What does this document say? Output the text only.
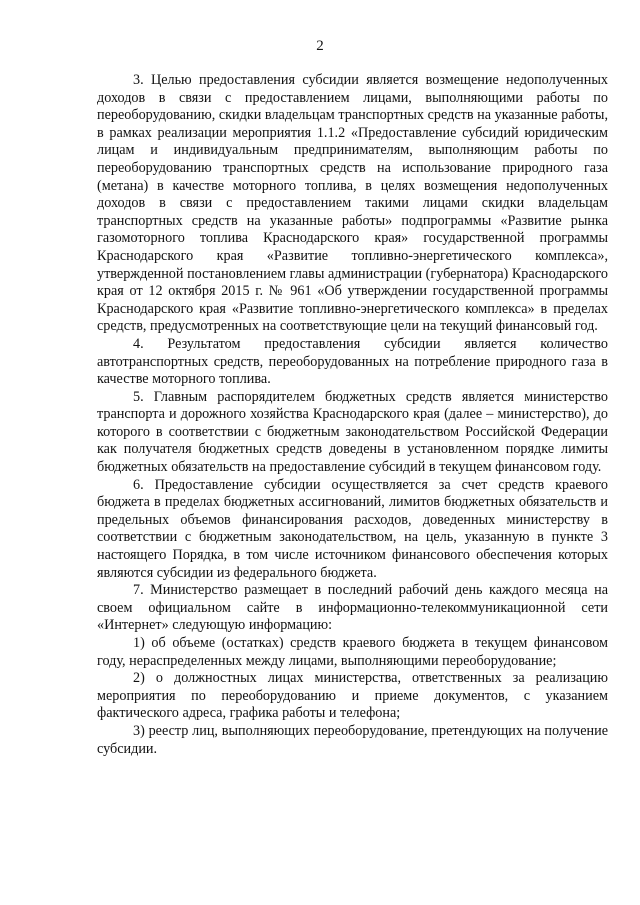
2

3. Целью предоставления субсидии является возмещение недополученных доходов в связи с предоставлением лицами, выполняющими работы по переоборудованию, скидки владельцам транспортных средств на указанные работы, в рамках реализации мероприятия 1.1.2 «Предоставление субсидий юридическим лицам и индивидуальным предпринимателям, выполняющим работы по переоборудованию транспортных средств на использование природного газа (метана) в качестве моторного топлива, в целях возмещения недополученных доходов в связи с предоставлением такими лицами скидки владельцам транспортных средств на указанные работы» подпрограммы «Развитие рынка газомоторного топлива Краснодарского края» государственной программы Краснодарского края «Развитие топливно-энергетического комплекса», утвержденной постановлением главы администрации (губернатора) Краснодарского края от 12 октября 2015 г. № 961 «Об утверждении государственной программы Краснодарского края «Развитие топливно-энергетического комплекса» в пределах средств, предусмотренных на соответствующие цели на текущий финансовый год.

4. Результатом предоставления субсидии является количество автотранспортных средств, переоборудованных на потребление природного газа в качестве моторного топлива.

5. Главным распорядителем бюджетных средств является министерство транспорта и дорожного хозяйства Краснодарского края (далее – министерство), до которого в соответствии с бюджетным законодательством Российской Федерации как получателя бюджетных средств доведены в установленном порядке лимиты бюджетных обязательств на предоставление субсидий в текущем финансовом году.

6. Предоставление субсидии осуществляется за счет средств краевого бюджета в пределах бюджетных ассигнований, лимитов бюджетных обязательств и предельных объемов финансирования расходов, доведенных министерству в соответствии с бюджетным законодательством, на цель, указанную в пункте 3 настоящего Порядка, в том числе источником финансового обеспечения которых являются субсидии из федерального бюджета.

7. Министерство размещает в последний рабочий день каждого месяца на своем официальном сайте в информационно-телекоммуникационной сети «Интернет» следующую информацию:

1) об объеме (остатках) средств краевого бюджета в текущем финансовом году, нераспределенных между лицами, выполняющими переоборудование;

2) о должностных лицах министерства, ответственных за реализацию мероприятия по переоборудованию и приеме документов, с указанием фактического адреса, графика работы и телефона;

3) реестр лиц, выполняющих переоборудование, претендующих на получение субсидии.
